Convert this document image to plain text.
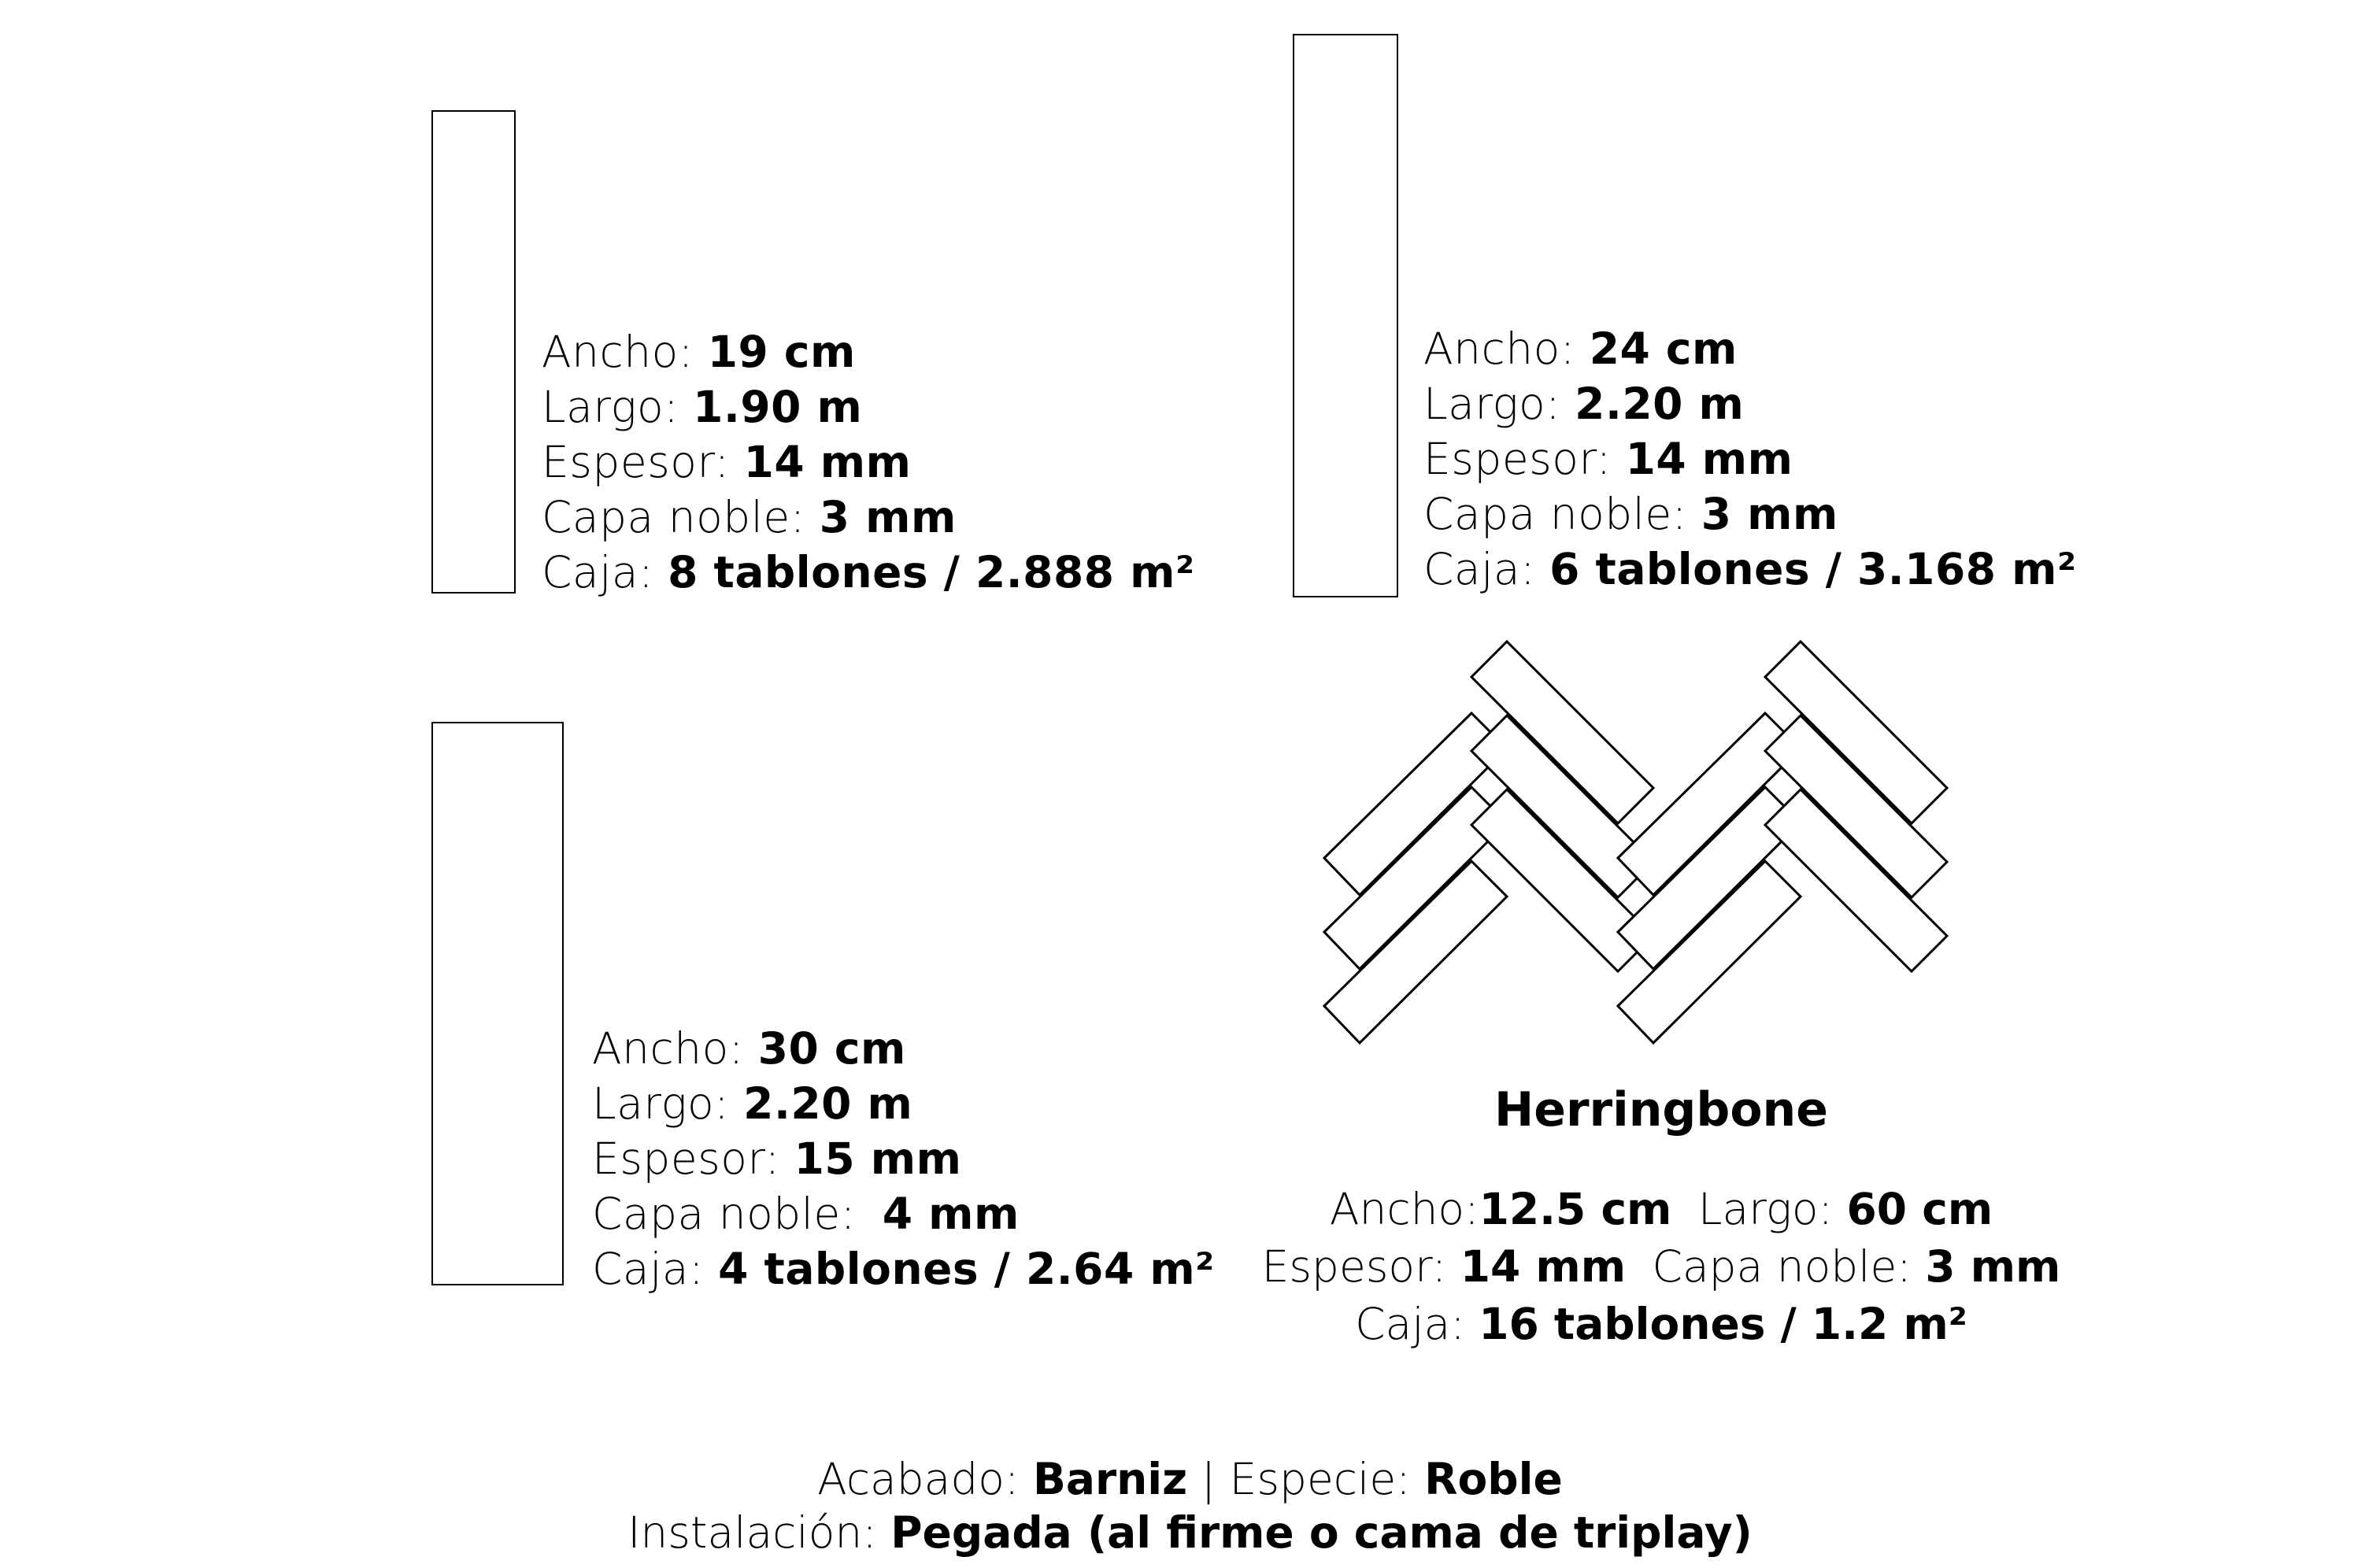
Ancho: 19 cm
Largo: 1.90 m
Espesor: 14 mm
Capa noble: 3 mm
Caja: 8 tablones / 2.888 m²
Ancho: 24 cm
Largo: 2.20 m
Espesor: 14 mm
Capa noble: 3 mm
Caja: 6 tablones / 3.168 m²
Ancho: 30 cm
Largo: 2.20 m
Espesor: 15 mm
Capa noble: 4 mm
Caja: 4 tablones / 2.64 m²
Herringbone
Ancho:12.5 cm Largo: 60 cm
Espesor: 14 mm Capa noble: 3 mm
Caja: 16 tablones / 1.2 m²
Acabado: Barniz | Especie: Roble
Instalación: Pegada (al firme o cama de triplay)
